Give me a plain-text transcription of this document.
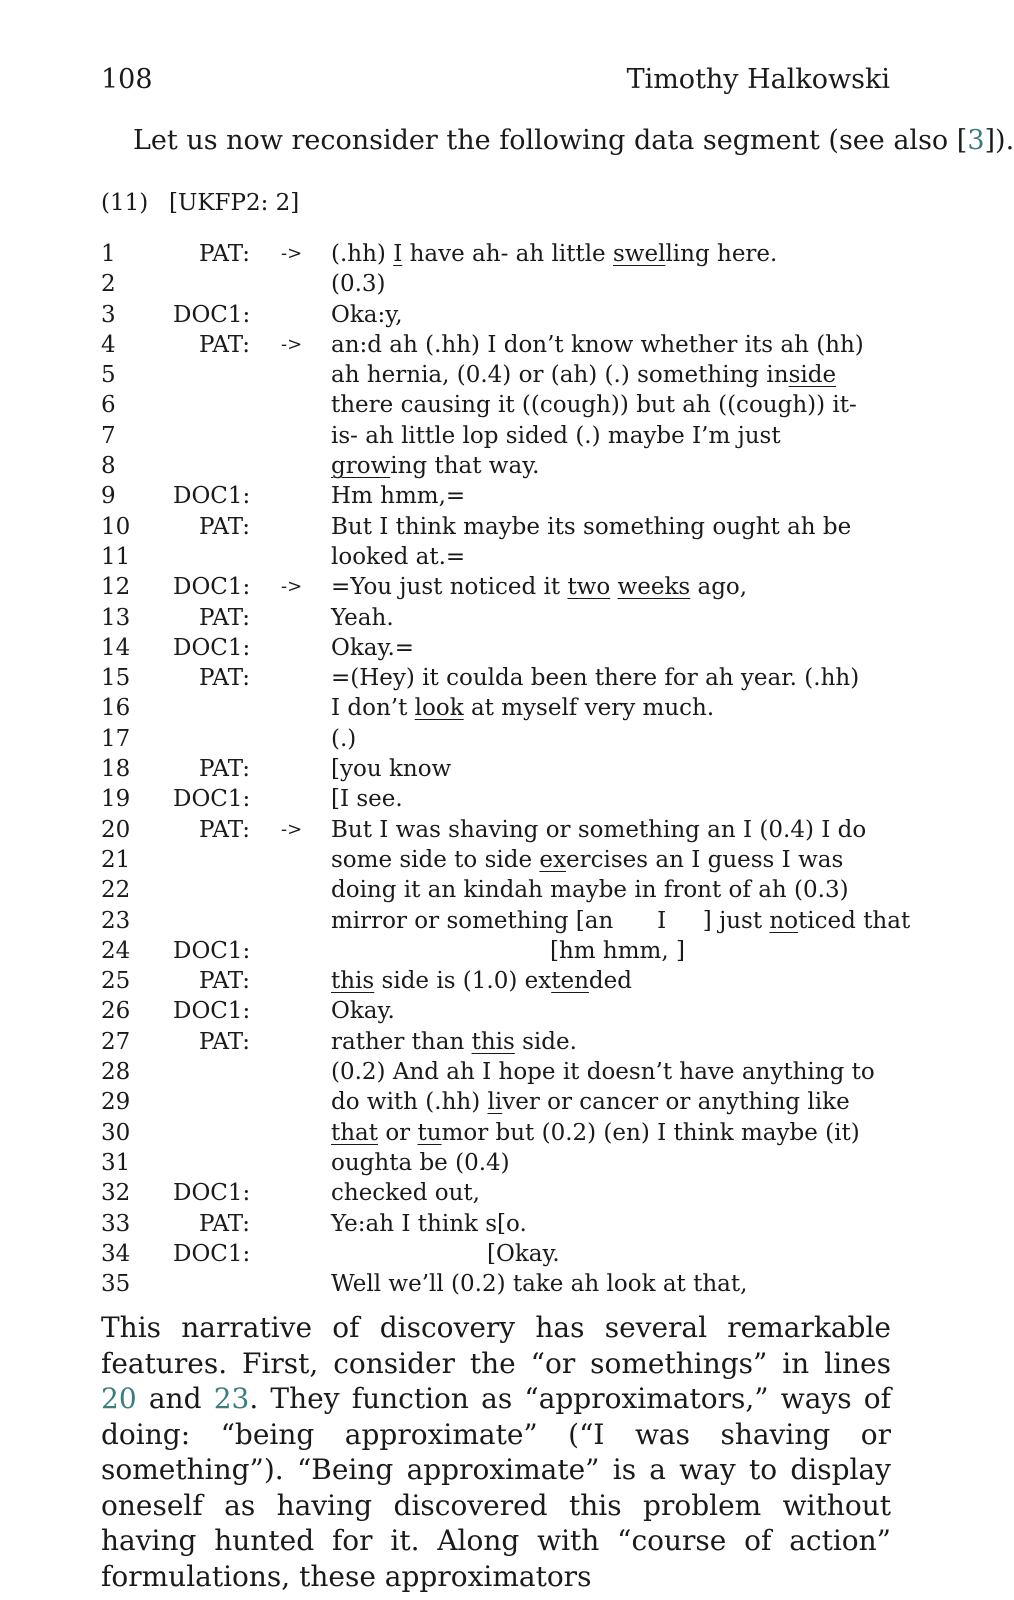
108	Timothy Halkowski
Let us now reconsider the following data segment (see also [3]).
(11) [UKFP2: 2]
1	PAT:	-> (.hh) I have ah- ah little swelling here.
2	(0.3)
3 DOC1:	Oka:y,
4	PAT:	-> an:d ah (.hh) I don’t know whether its ah (hh)
5	ah hernia, (0.4) or (ah) (.) something inside
6	there causing it ((cough)) but ah ((cough)) it-
7	is- ah little lop sided (.) maybe I’m just
8	growing that way.
9 DOC1:	Hm hmm,=
10	PAT:	But I think maybe its something ought ah be
11	looked at.=
12 DOC1:	-> =You just noticed it two weeks ago,
13	PAT:	Yeah.
14 DOC1:	Okay.=
15	PAT:	=(Hey) it coulda been there for ah year. (.hh)
16	I don’t look at myself very much.
17	(.)
18	PAT:	[you know
19 DOC1:	[I see.
20	PAT:	-> But I was shaving or something an I (0.4) I do
21	some side to side exercises an I guess I was
22	doing it an kindah maybe in front of ah (0.3)
23	mirror or something [an      I     ] just noticed that
24 DOC1:	[hm hmm, ]
25	PAT:	this side is (1.0) extended
26 DOC1:	Okay.
27	PAT:	rather than this side.
28	(0.2) And ah I hope it doesn’t have anything to
29	do with (.hh) liver or cancer or anything like
30	that or tumor but (0.2) (en) I think maybe (it)
31	oughta be (0.4)
32 DOC1:	checked out,
33	PAT:	Ye:ah I think s[o.
34 DOC1:	[Okay.
35	Well we’ll (0.2) take ah look at that,
This narrative of discovery has several remarkable features. First, consider the “or somethings” in lines 20 and 23. They function as “approximators,” ways of doing: “being approximate” (“I was shaving or something”). “Being approximate” is a way to display oneself as having discovered this problem without having hunted for it. Along with “course of action” formulations, these approximators
